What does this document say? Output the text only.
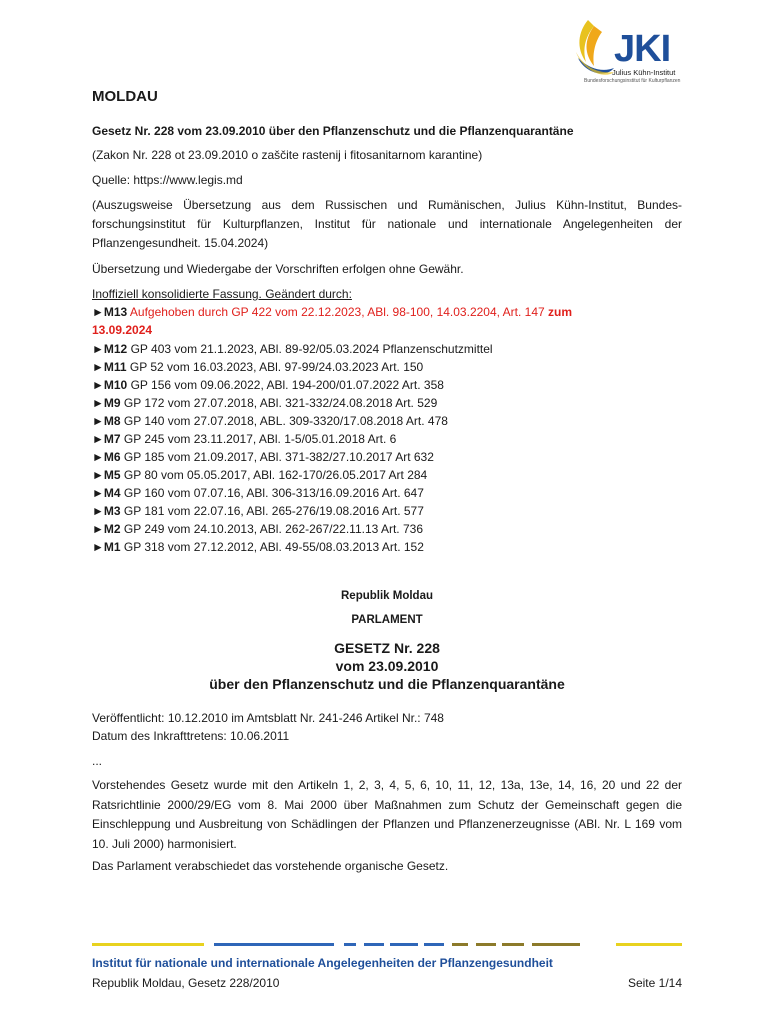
JKI
Julius Kühn-Institut
Bundesforschungsinstitut für Kulturpflanzen
MOLDAU
Gesetz Nr. 228 vom 23.09.2010 über den Pflanzenschutz und die Pflanzenquarantäne
(Zakon Nr. 228 ot 23.09.2010 o zaščite rastenij i fitosanitarnom karantine)
Quelle: https://www.legis.md
(Auszugsweise Übersetzung aus dem Russischen und Rumänischen, Julius Kühn-Institut, Bundes-forschungsinstitut für Kulturpflanzen, Institut für nationale und internationale Angelegenheiten der Pflanzengesundheit. 15.04.2024)
Übersetzung und Wiedergabe der Vorschriften erfolgen ohne Gewähr.
Inoffiziell konsolidierte Fassung. Geändert durch:
►M13 Aufgehoben durch GP 422 vom 22.12.2023, ABl. 98-100, 14.03.2204, Art. 147 zum
13.09.2024
►M12 GP 403 vom 21.1.2023, ABl. 89-92/05.03.2024 Pflanzenschutzmittel
►M11 GP 52 vom 16.03.2023, ABl. 97-99/24.03.2023 Art. 150
►M10 GP 156 vom 09.06.2022, ABl. 194-200/01.07.2022 Art. 358
►M9 GP 172 vom 27.07.2018, ABl. 321-332/24.08.2018 Art. 529
►M8 GP 140 vom 27.07.2018, ABL. 309-3320/17.08.2018 Art. 478
►M7 GP 245 vom 23.11.2017, ABl. 1-5/05.01.2018 Art. 6
►M6 GP 185 vom 21.09.2017, ABl. 371-382/27.10.2017 Art 632
►M5 GP 80 vom 05.05.2017, ABl. 162-170/26.05.2017 Art 284
►M4 GP 160 vom 07.07.16, ABl. 306-313/16.09.2016 Art. 647
►M3 GP 181 vom 22.07.16, ABl. 265-276/19.08.2016 Art. 577
►M2 GP 249 vom 24.10.2013, ABl. 262-267/22.11.13 Art. 736
►M1 GP 318 vom 27.12.2012, ABl. 49-55/08.03.2013 Art. 152
Republik Moldau
PARLAMENT
GESETZ Nr. 228
vom 23.09.2010
über den Pflanzenschutz und die Pflanzenquarantäne
Veröffentlicht: 10.12.2010 im Amtsblatt Nr. 241-246 Artikel Nr.: 748
Datum des Inkrafttretens: 10.06.2011
...
Vorstehendes Gesetz wurde mit den Artikeln 1, 2, 3, 4, 5, 6, 10, 11, 12, 13a, 13e, 14, 16, 20 und 22 der Ratsrichtlinie 2000/29/EG vom 8. Mai 2000 über Maßnahmen zum Schutz der Gemeinschaft gegen die Einschleppung und Ausbreitung von Schädlingen der Pflanzen und Pflanzenerzeugnisse (ABl. Nr. L 169 vom 10. Juli 2000) harmonisiert.
Das Parlament verabschiedet das vorstehende organische Gesetz.
Institut für nationale und internationale Angelegenheiten der Pflanzengesundheit
Republik Moldau, Gesetz 228/2010	Seite 1/14
